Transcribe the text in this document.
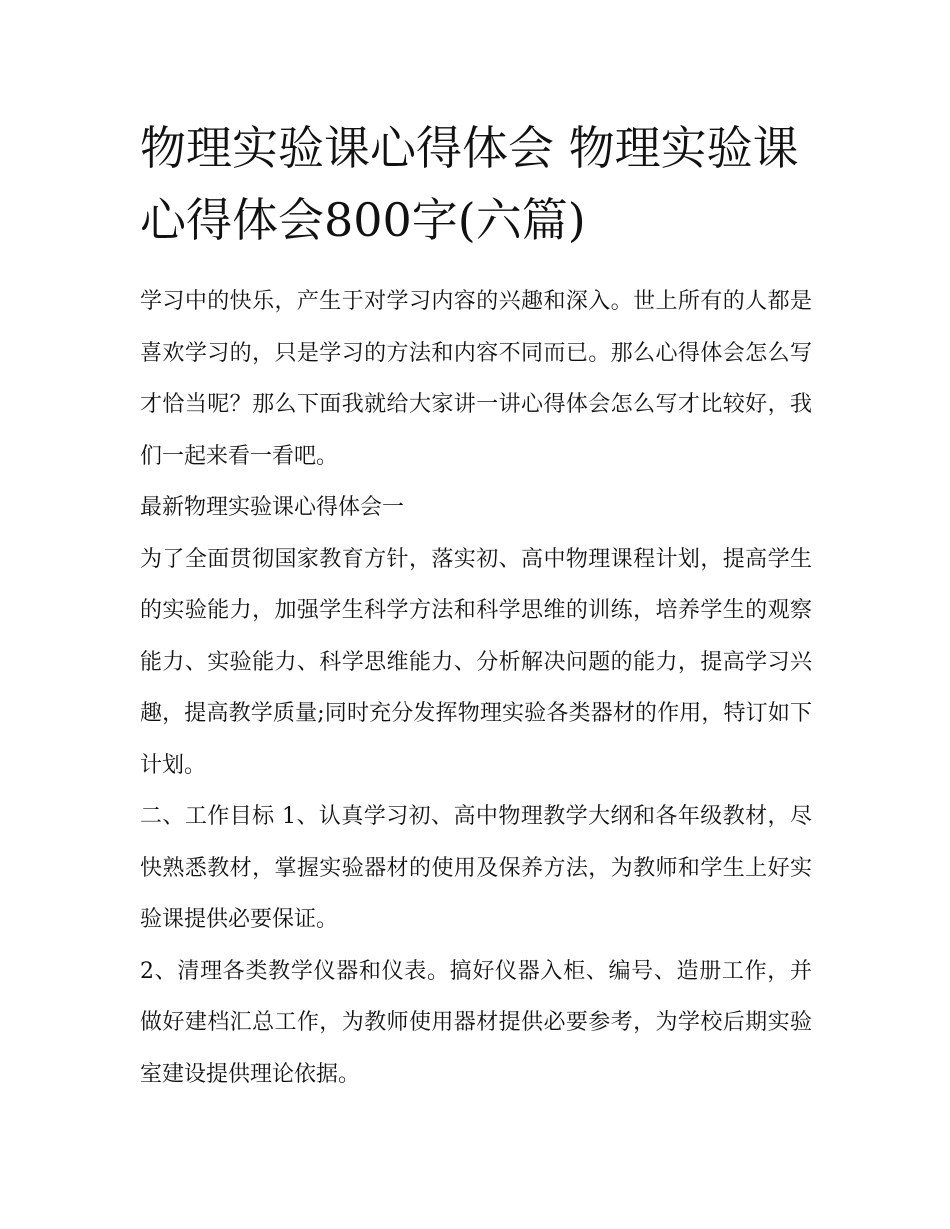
物理实验课心得体会 物理实验课心得体会800字(六篇)

学习中的快乐，产生于对学习内容的兴趣和深入。世上所有的人都是喜欢学习的，只是学习的方法和内容不同而已。那么心得体会怎么写才恰当呢？那么下面我就给大家讲一讲心得体会怎么写才比较好，我们一起来看一看吧。

最新物理实验课心得体会一

为了全面贯彻国家教育方针，落实初、高中物理课程计划，提高学生的实验能力，加强学生科学方法和科学思维的训练，培养学生的观察能力、实验能力、科学思维能力、分析解决问题的能力，提高学习兴趣，提高教学质量;同时充分发挥物理实验各类器材的作用，特订如下计划。

二、工作目标 1、认真学习初、高中物理教学大纲和各年级教材，尽快熟悉教材，掌握实验器材的使用及保养方法，为教师和学生上好实验课提供必要保证。

2、清理各类教学仪器和仪表。搞好仪器入柜、编号、造册工作，并做好建档汇总工作，为教师使用器材提供必要参考，为学校后期实验室建设提供理论依据。
